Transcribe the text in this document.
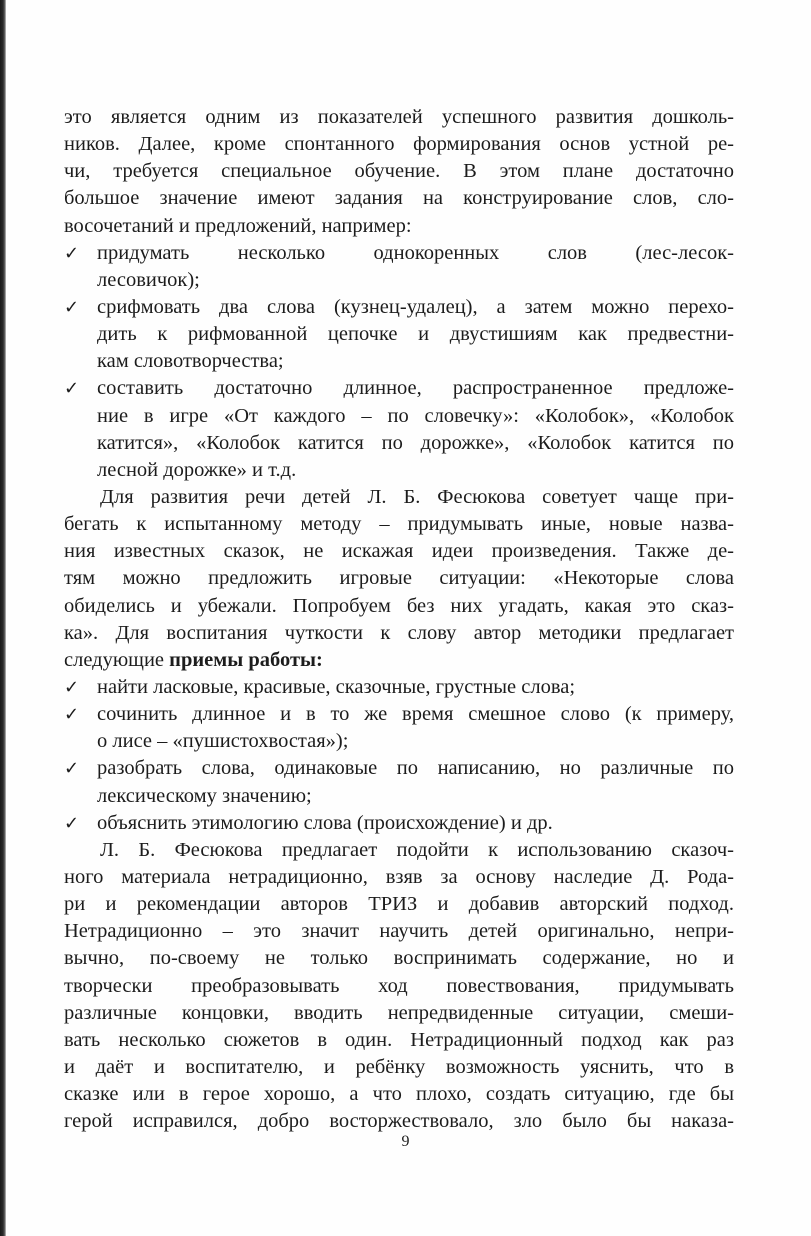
это является одним из показателей успешного развития дошколь-
ников. Далее, кроме спонтанного формирования основ устной ре-
чи, требуется специальное обучение. В этом плане достаточно
большое значение имеют задания на конструирование слов, сло-
восочетаний и предложений, например:
✓ придумать несколько однокоренных слов (лес-лесок-
лесовичок);
✓ срифмовать два слова (кузнец-удалец), а затем можно перехо-
дить к рифмованной цепочке и двустишиям как предвестни-
кам словотворчества;
✓ составить достаточно длинное, распространенное предложе-
ние в игре «От каждого – по словечку»: «Колобок», «Колобок
катится», «Колобок катится по дорожке», «Колобок катится по
лесной дорожке» и т.д.
Для развития речи детей Л. Б. Фесюкова советует чаще при-
бегать к испытанному методу – придумывать иные, новые назва-
ния известных сказок, не искажая идеи произведения. Также де-
тям можно предложить игровые ситуации: «Некоторые слова
обиделись и убежали. Попробуем без них угадать, какая это сказ-
ка». Для воспитания чуткости к слову автор методики предлагает
следующие приемы работы:
✓ найти ласковые, красивые, сказочные, грустные слова;
✓ сочинить длинное и в то же время смешное слово (к примеру,
о лисе – «пушистохвостая»);
✓ разобрать слова, одинаковые по написанию, но различные по
лексическому значению;
✓ объяснить этимологию слова (происхождение) и др.
Л. Б. Фесюкова предлагает подойти к использованию сказоч-
ного материала нетрадиционно, взяв за основу наследие Д. Рода-
ри и рекомендации авторов ТРИЗ и добавив авторский подход.
Нетрадиционно – это значит научить детей оригинально, непри-
вычно, по-своему не только воспринимать содержание, но и
творчески преобразовывать ход повествования, придумывать
различные концовки, вводить непредвиденные ситуации, смеши-
вать несколько сюжетов в один. Нетрадиционный подход как раз
и даёт и воспитателю, и ребёнку возможность уяснить, что в
сказке или в герое хорошо, а что плохо, создать ситуацию, где бы
герой исправился, добро восторжествовало, зло было бы наказа-
9
